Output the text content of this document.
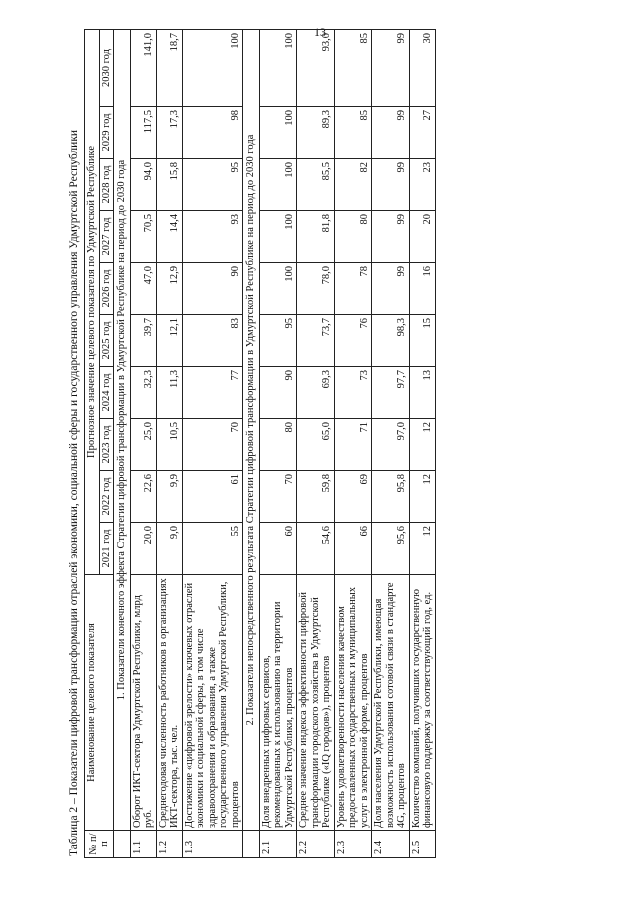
13
Таблица 2 – Показатели цифровой трансформации отраслей экономики, социальной сферы и государственного управления Удмуртской Республики № п/п	Наименование целевого показателя	Прогнозное значение целевого показателя по Удмуртской Республике									
		2021 год	2022 год	2023 год	2024 год	2025 год	2026 год	2027 год	2028 год	2029 год	2030 год
	1. Показатели конечного эффекта Стратегии цифровой трансформации в Удмуртской Республике на период до 2030 года										
1.1	Оборот ИКТ-сектора Удмуртской Республики, млрд руб.	20,0	22,6	25,0	32,3	39,7	47,0	70,5	94,0	117,5	141,0
1.2	Среднегодовая численность работников в организациях ИКТ-сектора, тыс. чел.	9,0	9,9	10,5	11,3	12,1	12,9	14,4	15,8	17,3	18,7
1.3	Достижение «цифровой зрелости» ключевых отраслей экономики и социальной сферы, в том числе здравоохранения и образования, а также государственного управления Удмуртской Республики, процентов	55	61	70	77	83	90	93	95	98	100
	2. Показатели непосредственного результата Стратегии цифровой трансформации в Удмуртской Республике на период до 2030 года										
2.1	Доля внедренных цифровых сервисов, рекомендованных к использованию на территории Удмуртской Республики, процентов	60	70	80	90	95	100	100	100	100	100
2.2	Среднее значение индекса эффективности цифровой трансформации городского хозяйства в Удмуртской Республике («IQ городов»), процентов	54,6	59,8	65,0	69,3	73,7	78,0	81,8	85,5	89,3	93,0
2.3	Уровень удовлетворенности населения качеством предоставленных государственных и муниципальных услуг в электронной форме, процентов	66	69	71	73	76	78	80	82	85	85
2.4	Доля населения Удмуртской Республики, имеющая возможность использования сотовой связи в стандарте 4G, процентов	95,6	95,8	97,0	97,7	98,3	99	99	99	99	99
2.5	Количество компаний, получивших государственную финансовую поддержку за соответствующий год, ед.	12	12	12	13	15	16	20	23	27	30
